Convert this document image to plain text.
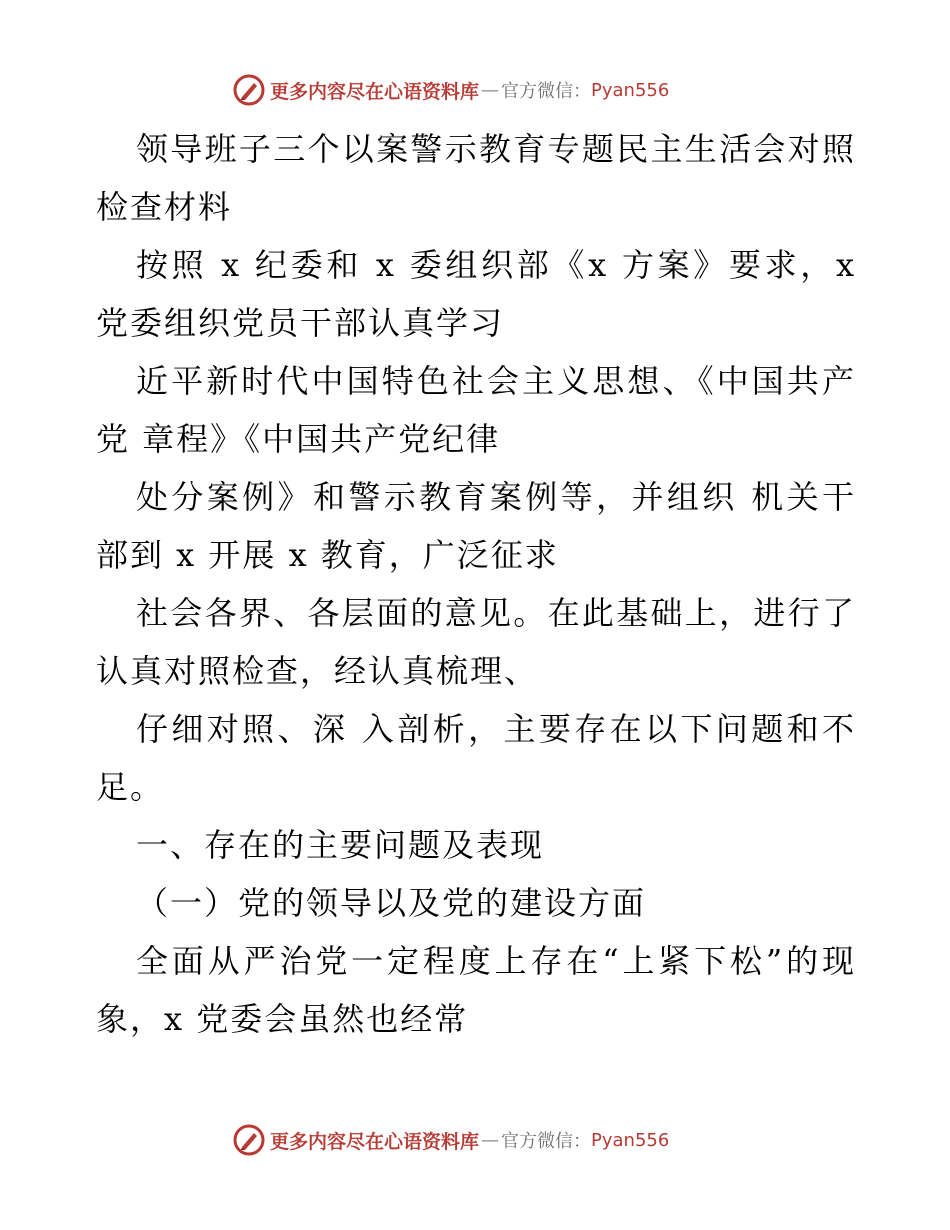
更多内容尽在心语资料库 — 官方微信： Pyan556

领导班子三个以案警示教育专题民主生活会对照检查材料

按照 x 纪委和 x 委组织部《x 方案》要求，x 党委组织党员干部认真学习

近平新时代中国特色社会主义思想、《中国共产党 章程》《中国共产党纪律

处分案例》和警示教育案例等，并组织 机关干部到 x 开展 x 教育，广泛征求

社会各界、各层面的意见。在此基础上，进行了认真对照检查，经认真梳理、

仔细对照、深 入剖析，主要存在以下问题和不足。

一、存在的主要问题及表现

（一）党的领导以及党的建设方面

全面从严治党一定程度上存在“上紧下松”的现象，x 党委会虽然也经常

更多内容尽在心语资料库 — 官方微信： Pyan556
